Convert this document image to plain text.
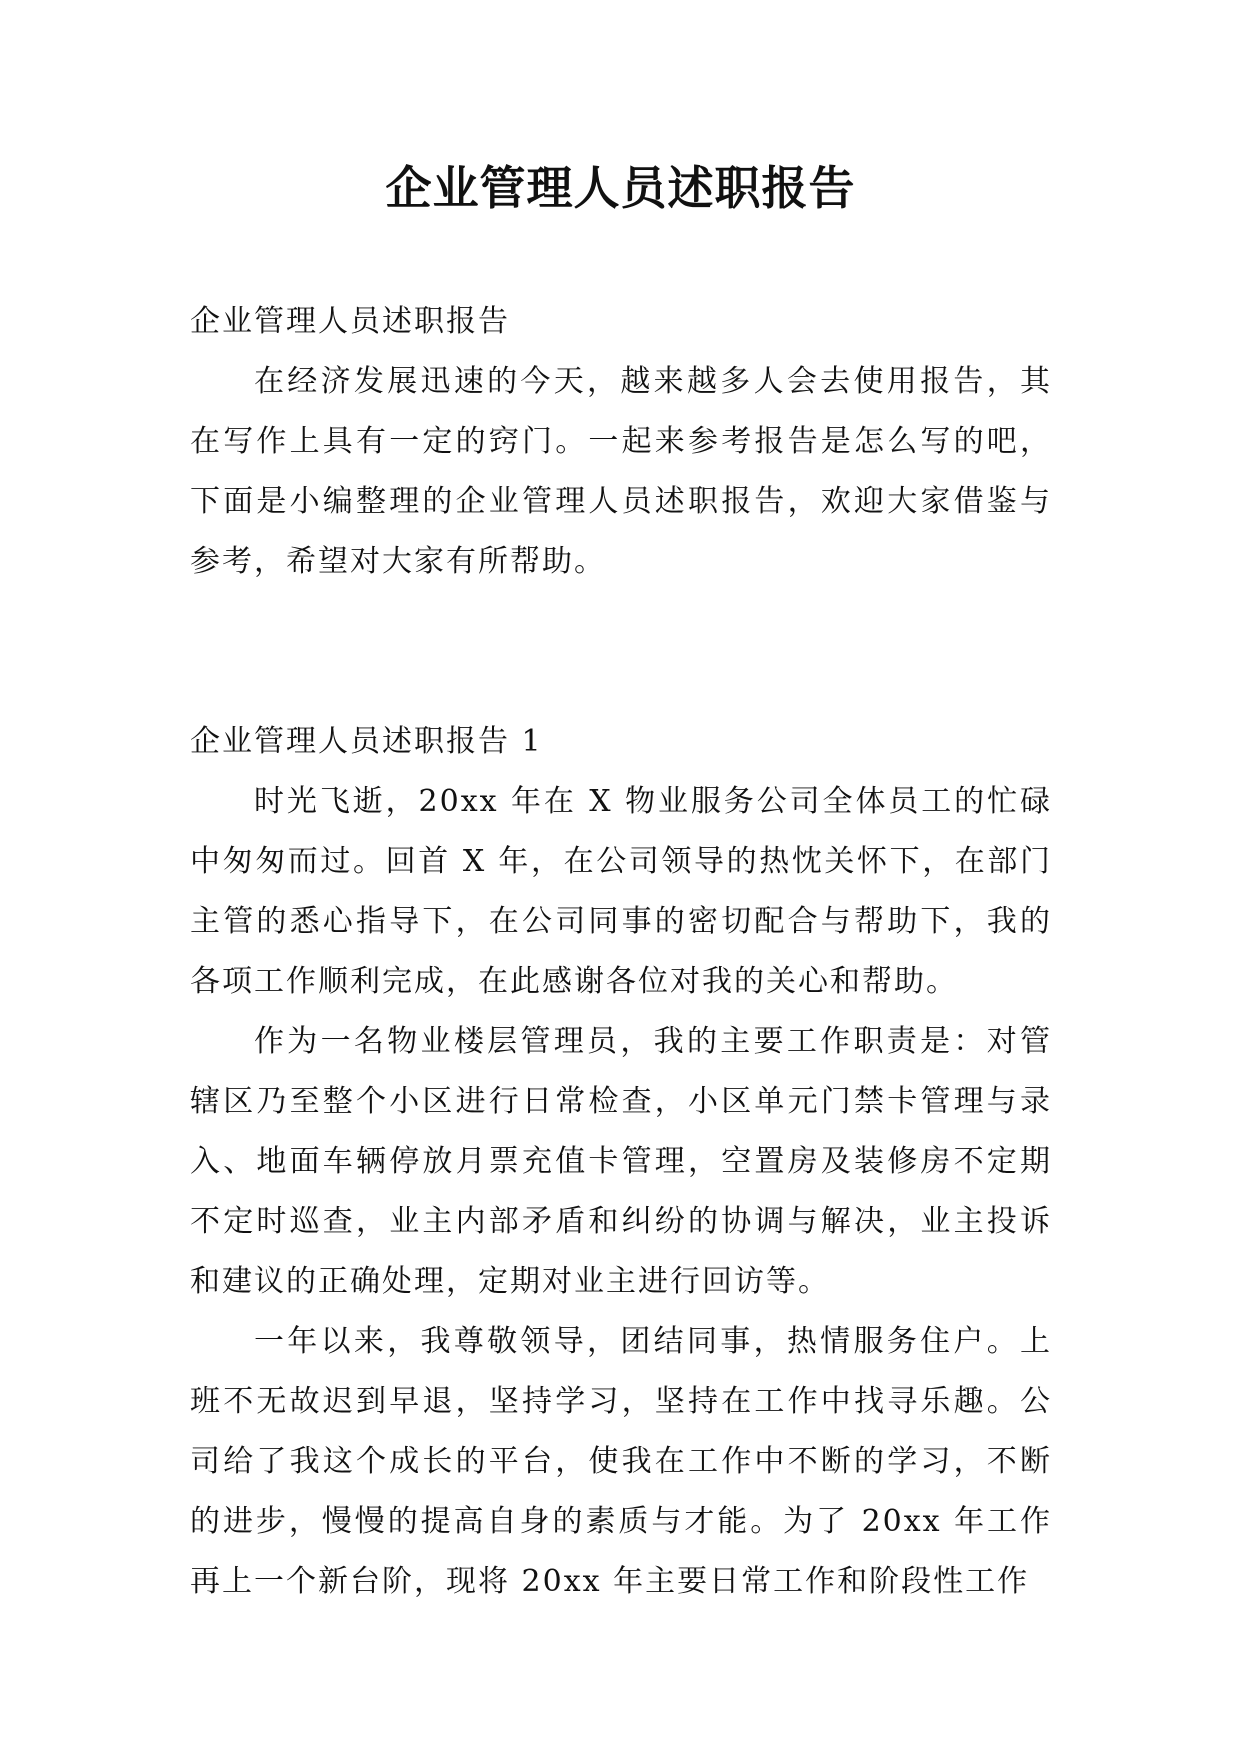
企业管理人员述职报告

企业管理人员述职报告

在经济发展迅速的今天，越来越多人会去使用报告，其在写作上具有一定的窍门。一起来参考报告是怎么写的吧，下面是小编整理的企业管理人员述职报告，欢迎大家借鉴与参考，希望对大家有所帮助。

企业管理人员述职报告 1

时光飞逝，20xx 年在 X 物业服务公司全体员工的忙碌中匆匆而过。回首 X 年，在公司领导的热忱关怀下，在部门主管的悉心指导下，在公司同事的密切配合与帮助下，我的各项工作顺利完成，在此感谢各位对我的关心和帮助。

作为一名物业楼层管理员，我的主要工作职责是：对管辖区乃至整个小区进行日常检查，小区单元门禁卡管理与录入、地面车辆停放月票充值卡管理，空置房及装修房不定期不定时巡查，业主内部矛盾和纠纷的协调与解决，业主投诉和建议的正确处理，定期对业主进行回访等。

一年以来，我尊敬领导，团结同事，热情服务住户。上班不无故迟到早退，坚持学习，坚持在工作中找寻乐趣。公司给了我这个成长的平台，使我在工作中不断的学习，不断的进步，慢慢的提高自身的素质与才能。为了 20xx 年工作再上一个新台阶，现将 20xx 年主要日常工作和阶段性工作
